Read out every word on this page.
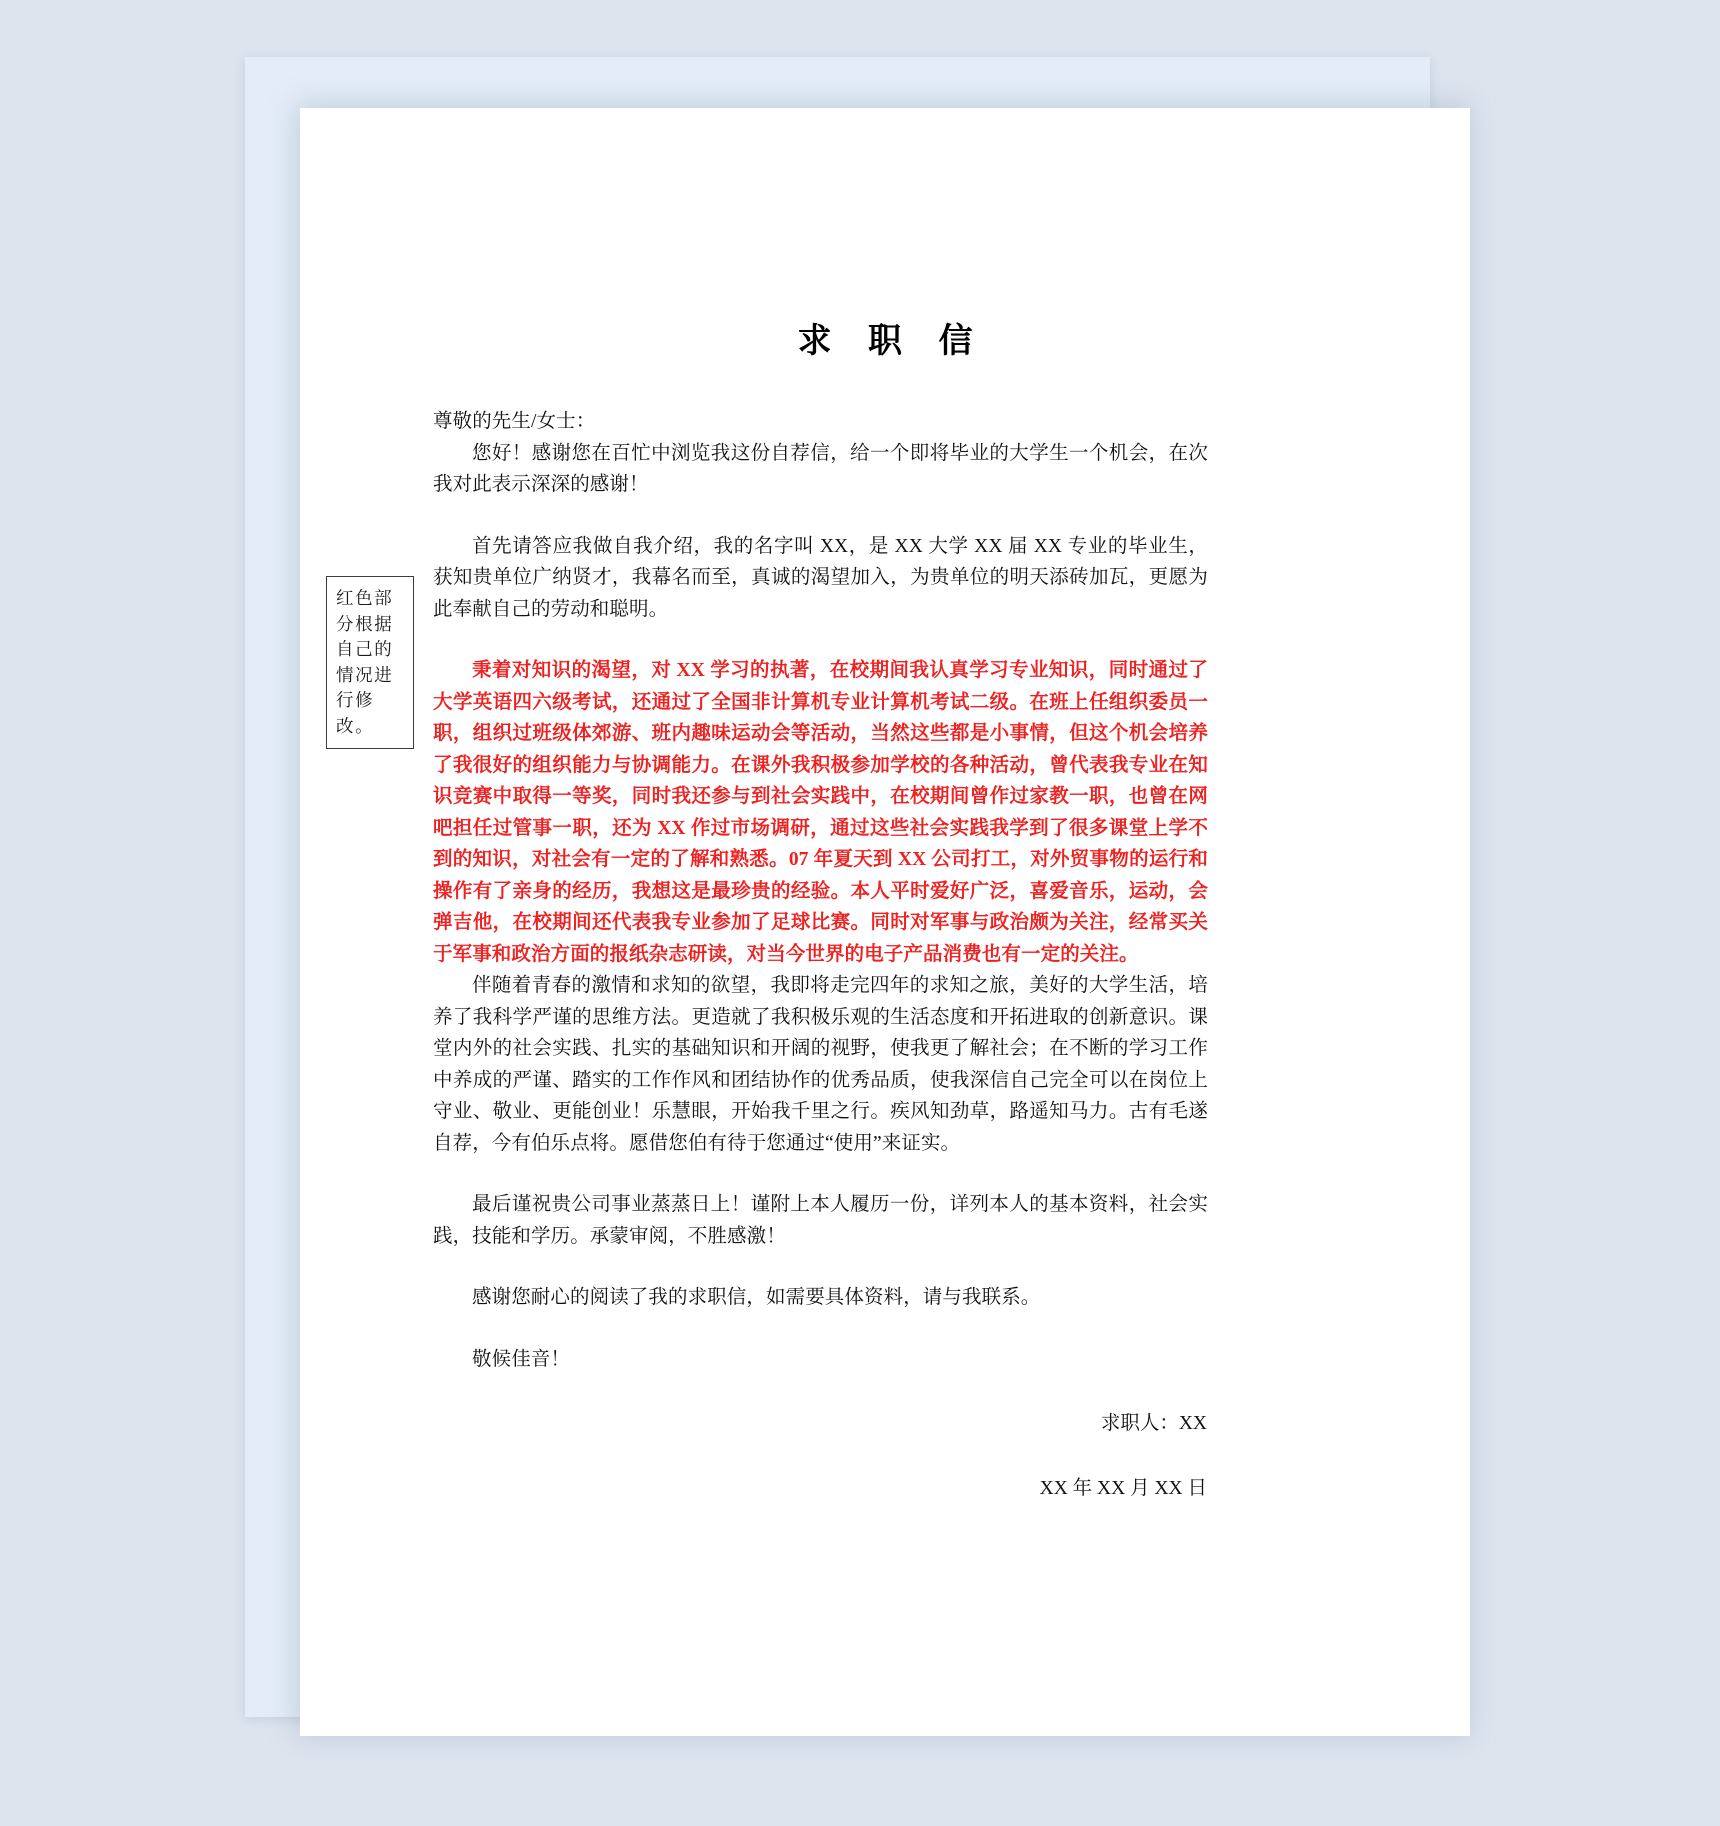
求 职 信

尊敬的先生/女士：

您好！感谢您在百忙中浏览我这份自荐信，给一个即将毕业的大学生一个机会，在次我对此表示深深的感谢！

首先请答应我做自我介绍，我的名字叫 XX，是 XX 大学 XX 届 XX 专业的毕业生，获知贵单位广纳贤才，我幕名而至，真诚的渴望加入，为贵单位的明天添砖加瓦，更愿为此奉献自己的劳动和聪明。

秉着对知识的渴望，对 XX 学习的执著，在校期间我认真学习专业知识，同时通过了大学英语四六级考试，还通过了全国非计算机专业计算机考试二级。在班上任组织委员一职，组织过班级体郊游、班内趣味运动会等活动，当然这些都是小事情，但这个机会培养了我很好的组织能力与协调能力。在课外我积极参加学校的各种活动，曾代表我专业在知识竞赛中取得一等奖，同时我还参与到社会实践中，在校期间曾作过家教一职，也曾在网吧担任过管事一职，还为 XX 作过市场调研，通过这些社会实践我学到了很多课堂上学不到的知识，对社会有一定的了解和熟悉。07 年夏天到 XX 公司打工，对外贸事物的运行和操作有了亲身的经历，我想这是最珍贵的经验。本人平时爱好广泛，喜爱音乐，运动，会弹吉他，在校期间还代表我专业参加了足球比赛。同时对军事与政治颇为关注，经常买关于军事和政治方面的报纸杂志研读，对当今世界的电子产品消费也有一定的关注。

伴随着青春的激情和求知的欲望，我即将走完四年的求知之旅，美好的大学生活，培养了我科学严谨的思维方法。更造就了我积极乐观的生活态度和开拓进取的创新意识。课堂内外的社会实践、扎实的基础知识和开阔的视野，使我更了解社会；在不断的学习工作中养成的严谨、踏实的工作作风和团结协作的优秀品质，使我深信自己完全可以在岗位上守业、敬业、更能创业！乐慧眼，开始我千里之行。疾风知劲草，路遥知马力。古有毛遂自荐，今有伯乐点将。愿借您伯有待于您通过“使用”来证实。

最后谨祝贵公司事业蒸蒸日上！谨附上本人履历一份，详列本人的基本资料，社会实践，技能和学历。承蒙审阅，不胜感激！

感谢您耐心的阅读了我的求职信，如需要具体资料，请与我联系。

敬候佳音！

求职人：XX

XX 年 XX 月 XX 日

红色部分根据自己的情况进行修改。
